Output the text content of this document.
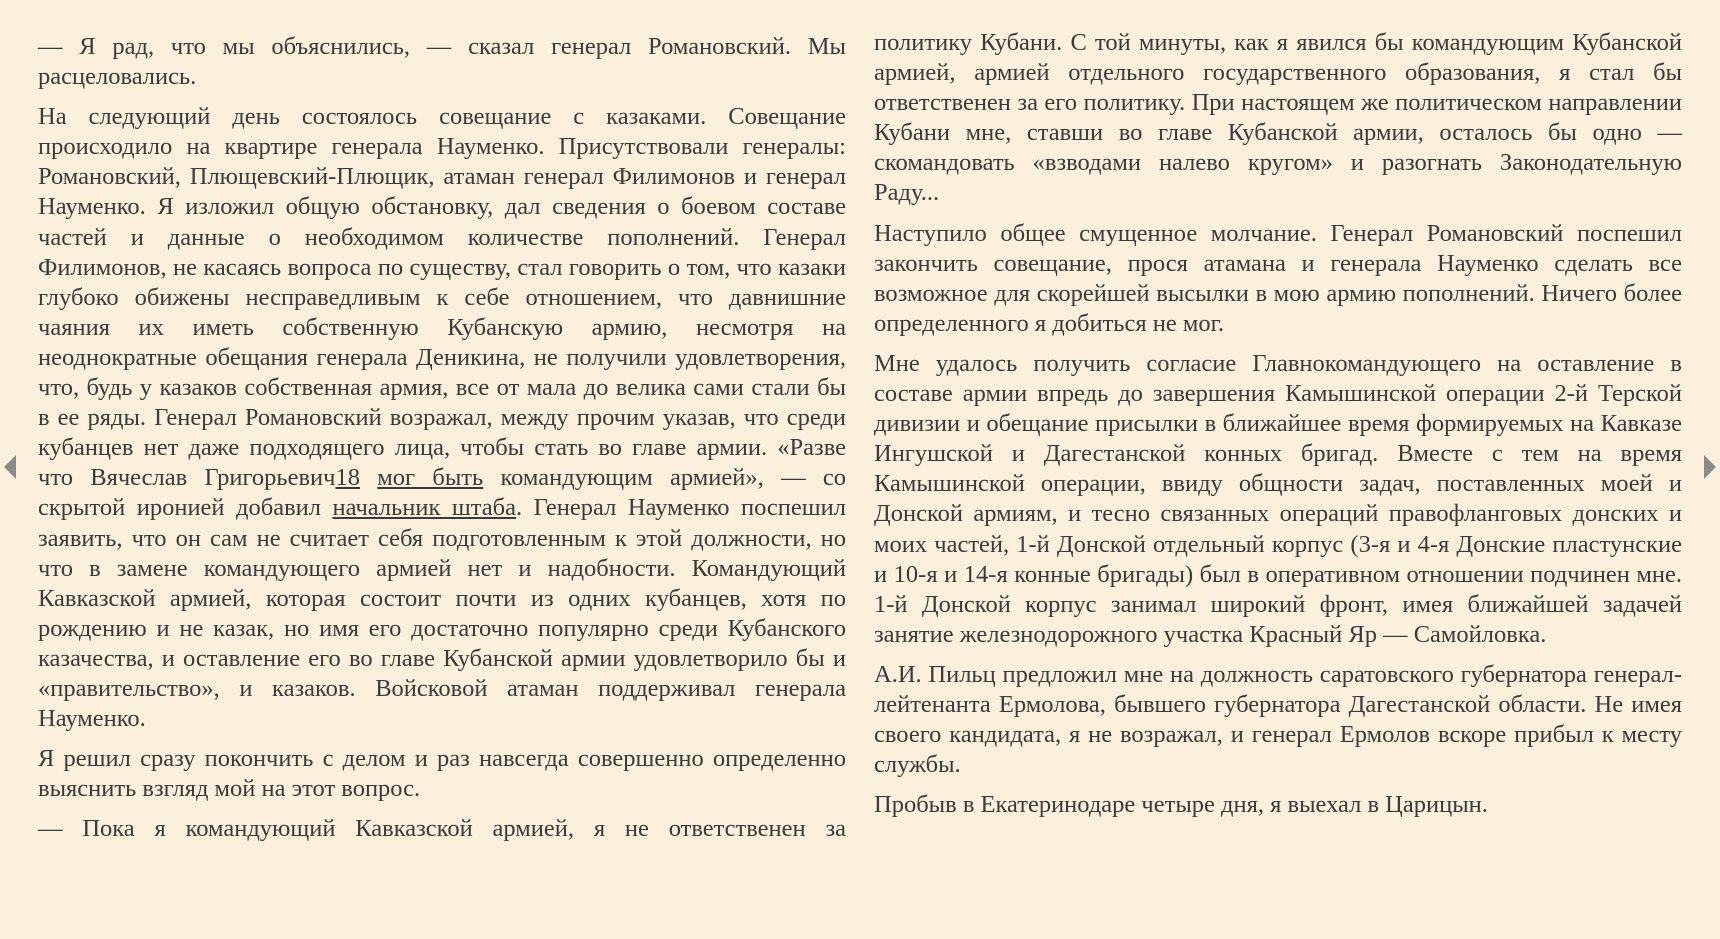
— Я рад, что мы объяснились, — сказал генерал Романовский. Мы расцеловались.

На следующий день состоялось совещание с казаками. Совещание происходило на квартире генерала Науменко. Присутствовали генералы: Романовский, Плющевский-Плющик, атаман генерал Филимонов и генерал Науменко. Я изложил общую обстановку, дал сведения о боевом составе частей и данные о необходимом количестве пополнений. Генерал Филимонов, не касаясь вопроса по существу, стал говорить о том, что казаки глубоко обижены несправедливым к себе отношением, что давнишние чаяния их иметь собственную Кубанскую армию, несмотря на неоднократные обещания генерала Деникина, не получили удовлетворения, что, будь у казаков собственная армия, все от мала до велика сами стали бы в ее ряды. Генерал Романовский возражал, между прочим указав, что среди кубанцев нет даже подходящего лица, чтобы стать во главе армии. «Разве что Вячеслав Григорьевич18 мог быть командующим армией», — со скрытой иронией добавил начальник штаба. Генерал Науменко поспешил заявить, что он сам не считает себя подготовленным к этой должности, но что в замене командующего армией нет и надобности. Командующий Кавказской армией, которая состоит почти из одних кубанцев, хотя по рождению и не казак, но имя его достаточно популярно среди Кубанского казачества, и оставление его во главе Кубанской армии удовлетворило бы и «правительство», и казаков. Войсковой атаман поддерживал генерала Науменко.

Я решил сразу покончить с делом и раз навсегда совершенно определенно выяснить взгляд мой на этот вопрос.

— Пока я командующий Кавказской армией, я не ответственен за

политику Кубани. С той минуты, как я явился бы командующим Кубанской армией, армией отдельного государственного образования, я стал бы ответственен за его политику. При настоящем же политическом направлении Кубани мне, ставши во главе Кубанской армии, осталось бы одно — скомандовать «взводами налево кругом» и разогнать Законодательную Раду...

Наступило общее смущенное молчание. Генерал Романовский поспешил закончить совещание, прося атамана и генерала Науменко сделать все возможное для скорейшей высылки в мою армию пополнений. Ничего более определенного я добиться не мог.

Мне удалось получить согласие Главнокомандующего на оставление в составе армии впредь до завершения Камышинской операции 2-й Терской дивизии и обещание присылки в ближайшее время формируемых на Кавказе Ингушской и Дагестанской конных бригад. Вместе с тем на время Камышинской операции, ввиду общности задач, поставленных моей и Донской армиям, и тесно связанных операций правофланговых донских и моих частей, 1-й Донской отдельный корпус (3-я и 4-я Донские пластунские и 10-я и 14-я конные бригады) был в оперативном отношении подчинен мне. 1-й Донской корпус занимал широкий фронт, имея ближайшей задачей занятие железнодорожного участка Красный Яр — Самойловка.

А.И. Пильц предложил мне на должность саратовского губернатора генерал-лейтенанта Ермолова, бывшего губернатора Дагестанской области. Не имея своего кандидата, я не возражал, и генерал Ермолов вскоре прибыл к месту службы.

Пробыв в Екатеринодаре четыре дня, я выехал в Царицын.
